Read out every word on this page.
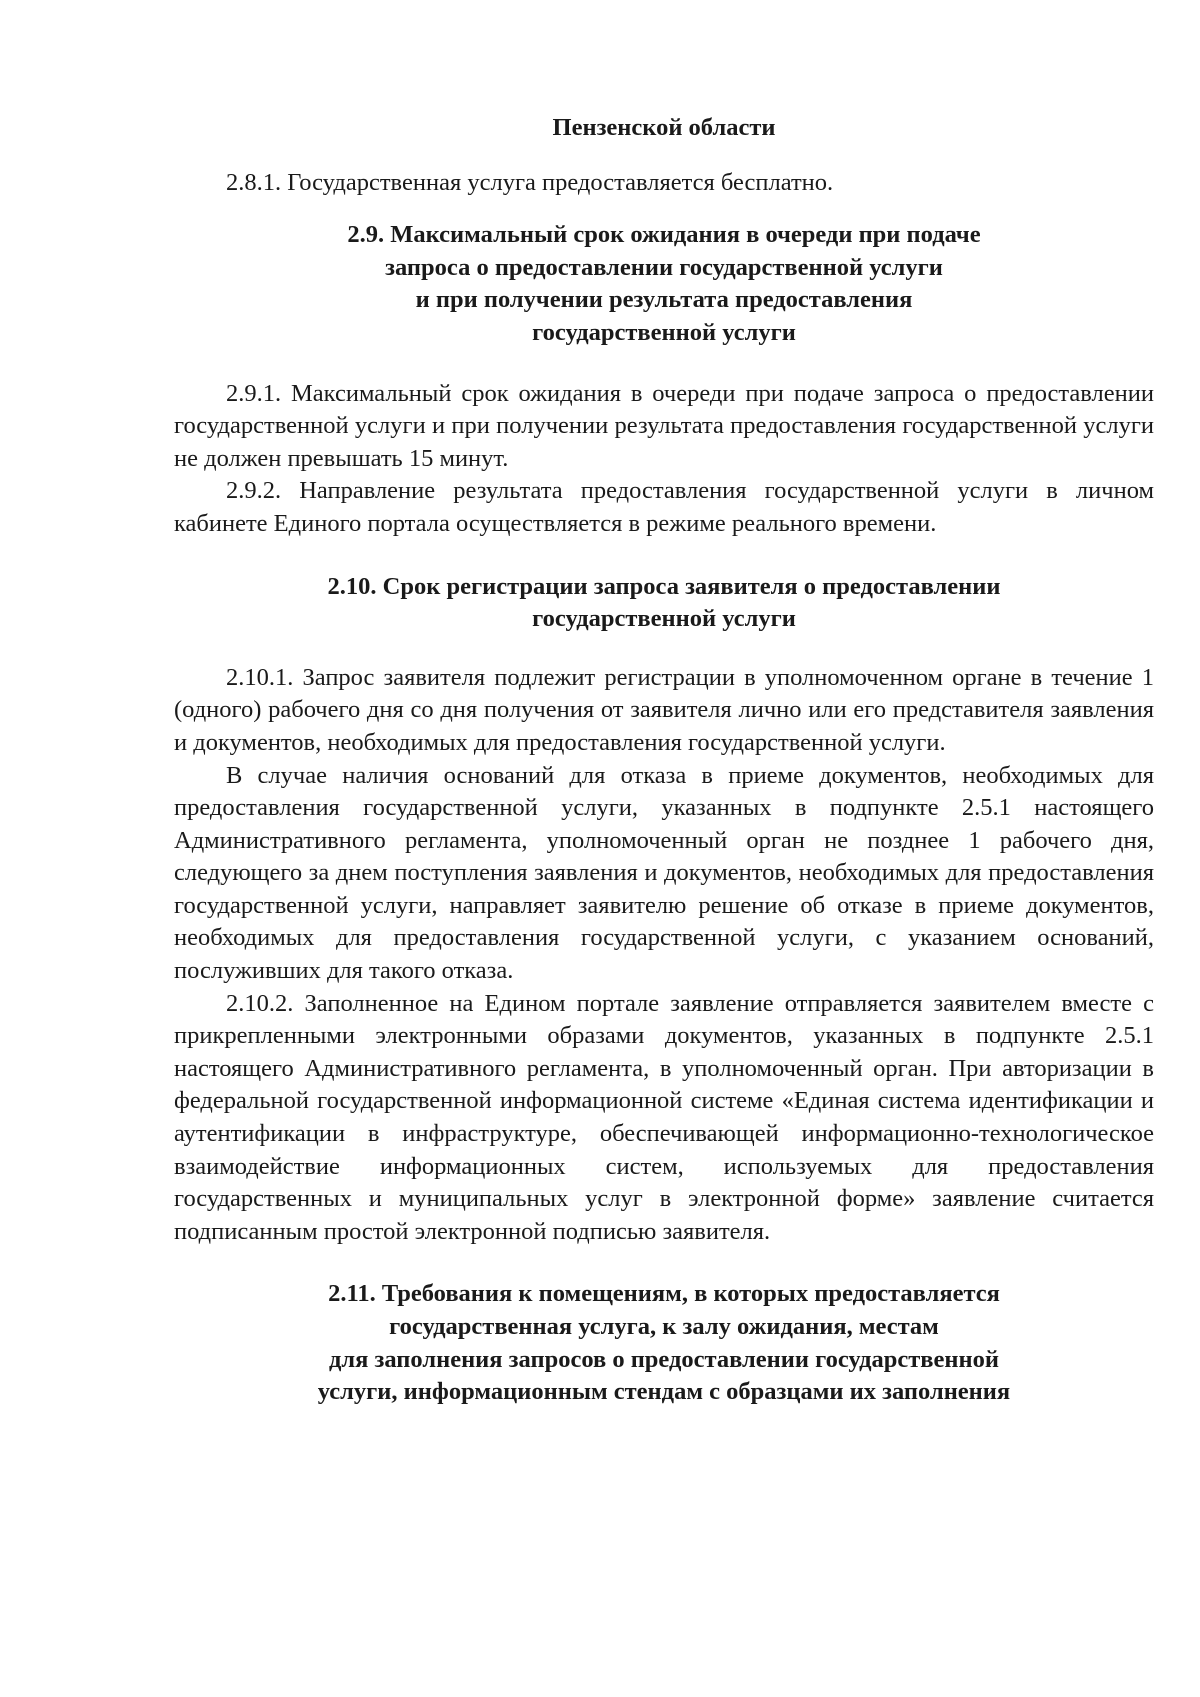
Пензенской области

2.8.1. Государственная услуга предоставляется бесплатно.

2.9. Максимальный срок ожидания в очереди при подаче
запроса о предоставлении государственной услуги
и при получении результата предоставления
государственной услуги

2.9.1. Максимальный срок ожидания в очереди при подаче запроса о предоставлении государственной услуги и при получении результата предоставления государственной услуги не должен превышать 15 минут.

2.9.2. Направление результата предоставления государственной услуги в личном кабинете Единого портала осуществляется в режиме реального времени.

2.10. Срок регистрации запроса заявителя о предоставлении
государственной услуги

2.10.1. Запрос заявителя подлежит регистрации в уполномоченном органе в течение 1 (одного) рабочего дня со дня получения от заявителя лично или его представителя заявления и документов, необходимых для предоставления государственной услуги.

В случае наличия оснований для отказа в приеме документов, необходимых для предоставления государственной услуги, указанных в подпункте 2.5.1 настоящего Административного регламента, уполномоченный орган не позднее 1 рабочего дня, следующего за днем поступления заявления и документов, необходимых для предоставления государственной услуги, направляет заявителю решение об отказе в приеме документов, необходимых для предоставления государственной услуги, с указанием оснований, послуживших для такого отказа.

2.10.2. Заполненное на Едином портале заявление отправляется заявителем вместе с прикрепленными электронными образами документов, указанных в подпункте 2.5.1 настоящего Административного регламента, в уполномоченный орган. При авторизации в федеральной государственной информационной системе «Единая система идентификации и аутентификации в инфраструктуре, обеспечивающей информационно-технологическое взаимодействие информационных систем, используемых для предоставления государственных и муниципальных услуг в электронной форме» заявление считается подписанным простой электронной подписью заявителя.

2.11. Требования к помещениям, в которых предоставляется
государственная услуга, к залу ожидания, местам
для заполнения запросов о предоставлении государственной
услуги, информационным стендам с образцами их заполнения
